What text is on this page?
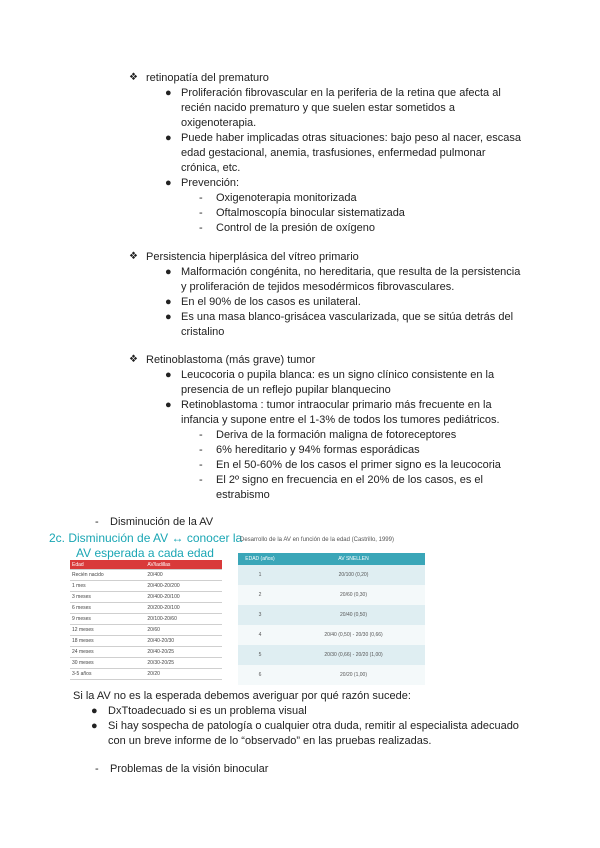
❖ retinopatía del prematuro
● Proliferación fibrovascular en la periferia de la retina que afecta al
recién nacido prematuro y que suelen estar sometidos a
oxigenoterapia.
● Puede haber implicadas otras situaciones: bajo peso al nacer, escasa
edad gestacional, anemia, trasfusiones, enfermedad pulmonar
crónica, etc.
● Prevención:
- Oxigenoterapia monitorizada
- Oftalmoscopía binocular sistematizada
- Control de la presión de oxígeno
❖ Persistencia hiperplásica del vítreo primario
● Malformación congénita, no hereditaria, que resulta de la persistencia
y proliferación de tejidos mesodérmicos fibrovasculares.
● En el 90% de los casos es unilateral.
● Es una masa blanco-grisácea vascularizada, que se sitúa detrás del
cristalino
❖ Retinoblastoma (más grave) tumor
● Leucocoria o pupila blanca: es un signo clínico consistente en la
presencia de un reflejo pupilar blanquecino
● Retinoblastoma : tumor intraocular primario más frecuente en la
infancia y supone entre el 1-3% de todos los tumores pediátricos.
- Deriva de la formación maligna de fotoreceptores
- 6% hereditario y 94% formas esporádicas
- En el 50-60% de los casos el primer signo es la leucocoria
- El 2º signo en frecuencia en el 20% de los casos, es el
estrabismo
- Disminución de la AV
2c. Disminución de AV ↔ conocer la
AV esperada a cada edad
Edad	AV/ladillas
Recién nacido	20/400
1 mes	20/400-20/200
3 meses	20/400-20/100
6 meses	20/200-20/100
9 meses	20/100-20/60
12 meses	20/60
18 meses	20/40-20/30
24 meses	20/40-20/25
30 meses	20/30-20/25
3-5 años	20/20
Desarrollo de la AV en función de la edad (Castrillo, 1999)
EDAD (años)	AV SNELLEN
1	20/100 (0,20)
2	20/60 (0,30)
3	20/40 (0,50)
4	20/40 (0,50) - 20/30 (0,66)
5	20/30 (0,66) - 20/20 (1,00)
6	20/20 (1,00)
Si la AV no es la esperada debemos averiguar por qué razón sucede:
● DxTtoadecuado si es un problema visual
● Si hay sospecha de patología o cualquier otra duda, remitir al especialista adecuado
con un breve informe de lo “observado” en las pruebas realizadas.
- Problemas de la visión binocular
